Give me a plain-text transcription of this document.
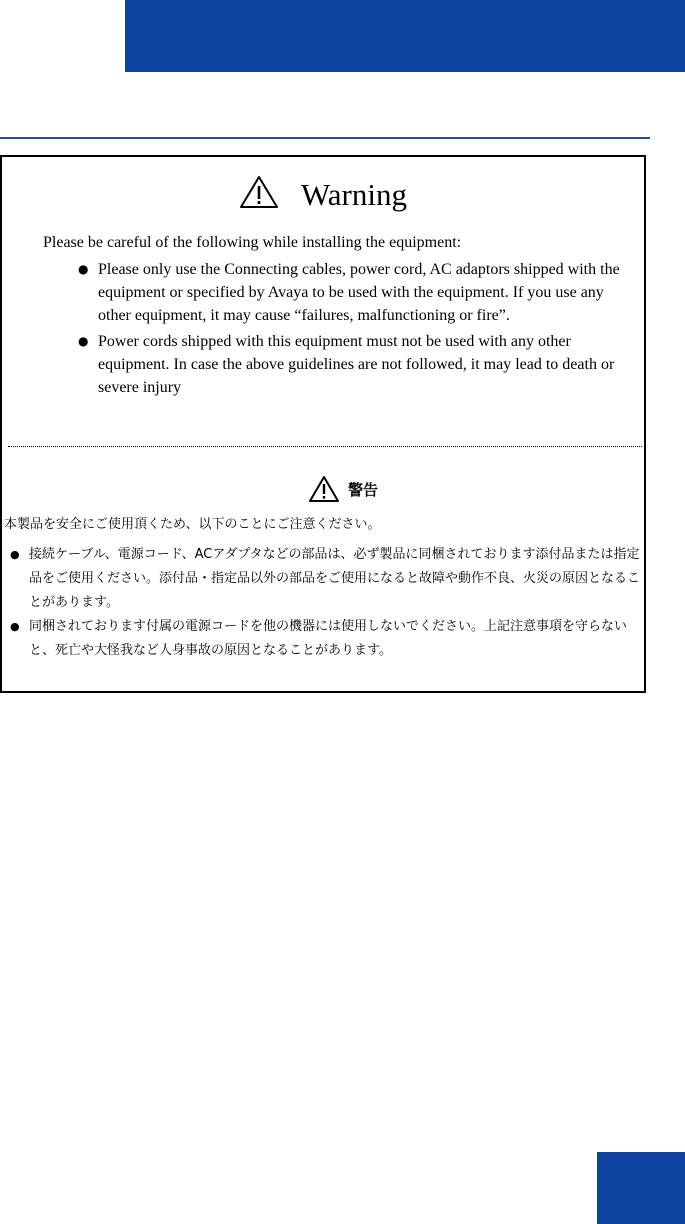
Warning
Please be careful of the following while installing the equipment:
● Please only use the Connecting cables, power cord, AC adaptors shipped with the equipment or specified by Avaya to be used with the equipment. If you use any other equipment, it may cause “failures, malfunctioning or fire”.
● Power cords shipped with this equipment must not be used with any other equipment. In case the above guidelines are not followed, it may lead to death or severe injury
警告
本製品を安全にご使用頂くため、以下のことにご注意ください。
● 接続ケーブル、電源コード、ACアダプタなどの部品は、必ず製品に同梱されております添付品または指定品をご使用ください。添付品・指定品以外の部品をご使用になると故障や動作不良、火災の原因となることがあります。
● 同梱されております付属の電源コードを他の機器には使用しないでください。上記注意事項を守らないと、死亡や大怪我など人身事故の原因となることがあります。
